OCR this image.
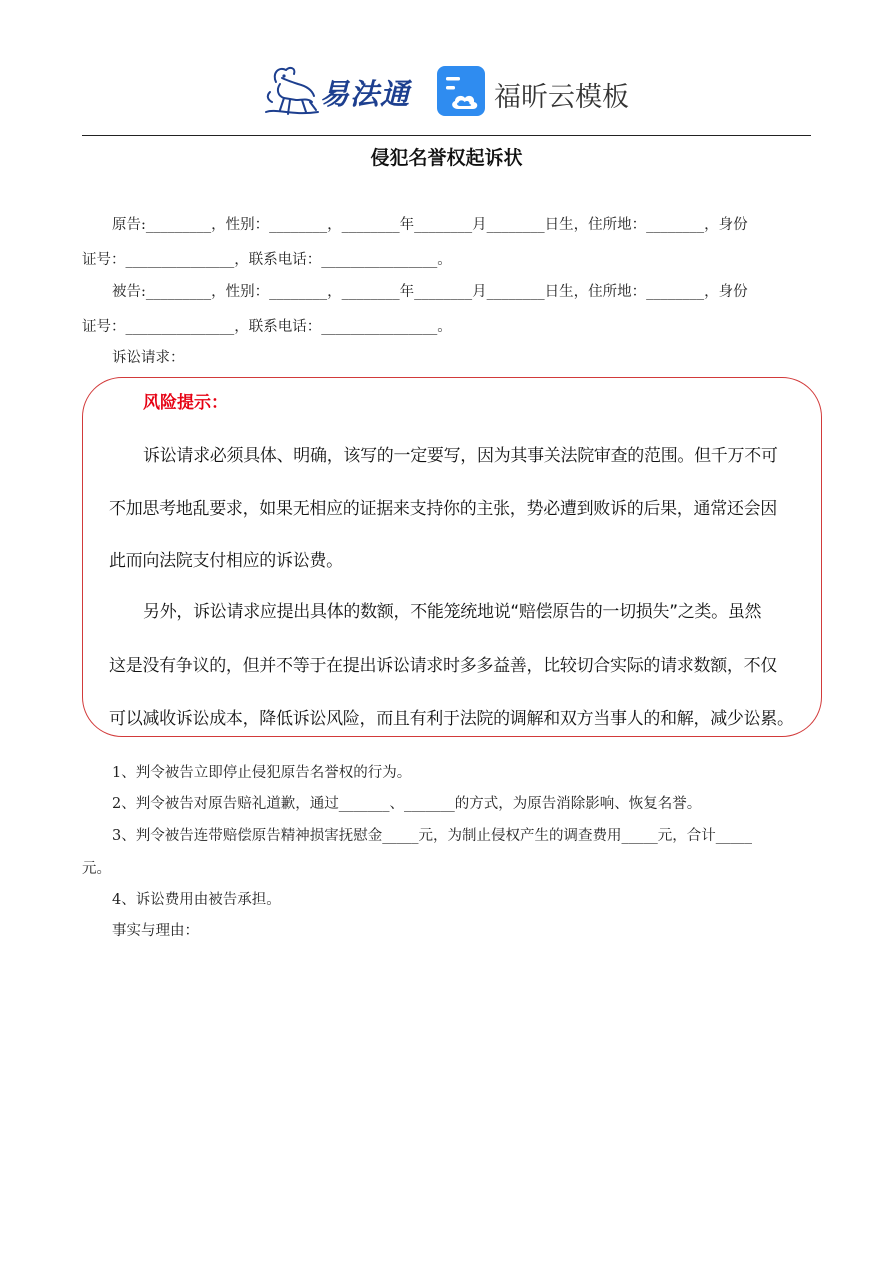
易法通	福昕云模板
侵犯名誉权起诉状
原告:_________，性别：________，________年________月________日生，住所地：________，身份
证号：_______________，联系电话：________________。
被告:_________，性别：________，________年________月________日生，住所地：________，身份
证号：_______________，联系电话：________________。
诉讼请求：
风险提示：
诉讼请求必须具体、明确，该写的一定要写，因为其事关法院审查的范围。但千万不可
不加思考地乱要求，如果无相应的证据来支持你的主张，势必遭到败诉的后果，通常还会因
此而向法院支付相应的诉讼费。
另外，诉讼请求应提出具体的数额，不能笼统地说“赔偿原告的一切损失”之类。虽然
这是没有争议的，但并不等于在提出诉讼请求时多多益善，比较切合实际的请求数额，不仅
可以减收诉讼成本，降低诉讼风险，而且有利于法院的调解和双方当事人的和解，减少讼累。
1、判令被告立即停止侵犯原告名誉权的行为。
2、判令被告对原告赔礼道歉，通过_______、_______的方式，为原告消除影响、恢复名誉。
3、判令被告连带赔偿原告精神损害抚慰金_____元，为制止侵权产生的调查费用_____元，合计_____
元。
4、诉讼费用由被告承担。
事实与理由：
